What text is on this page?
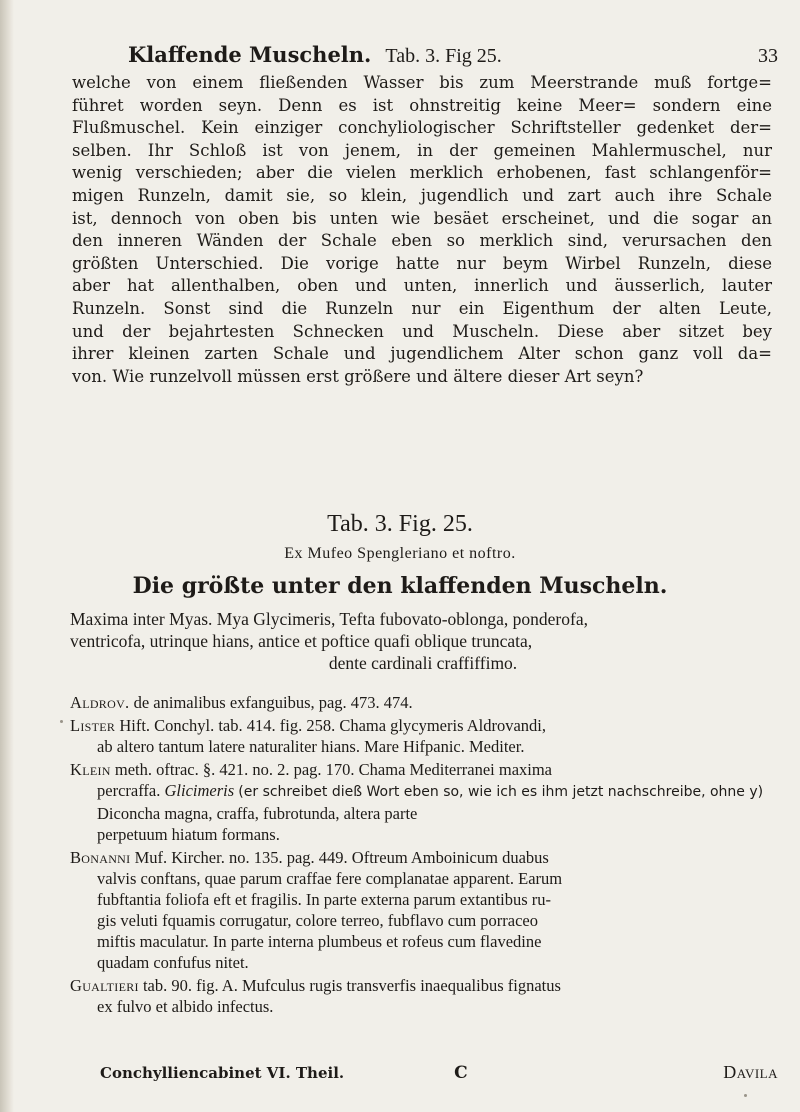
Klaffende Muscheln. Tab. 3. Fig 25.	33
welche von einem fließenden Wasser bis zum Meerstrande muß fortge=
führet worden seyn. Denn es ist ohnstreitig keine Meer= sondern eine
Flußmuschel. Kein einziger conchyliologischer Schriftsteller gedenket der=
selben. Ihr Schloß ist von jenem, in der gemeinen Mahlermuschel, nur
wenig verschieden; aber die vielen merklich erhobenen, fast schlangenför=
migen Runzeln, damit sie, so klein, jugendlich und zart auch ihre Schale
ist, dennoch von oben bis unten wie besäet erscheinet, und die sogar an
den inneren Wänden der Schale eben so merklich sind, verursachen den
größten Unterschied. Die vorige hatte nur beym Wirbel Runzeln, diese
aber hat allenthalben, oben und unten, innerlich und äusserlich, lauter
Runzeln. Sonst sind die Runzeln nur ein Eigenthum der alten Leute,
und der bejahrtesten Schnecken und Muscheln. Diese aber sitzet bey
ihrer kleinen zarten Schale und jugendlichem Alter schon ganz voll da=
von. Wie runzelvoll müssen erst größere und ältere dieser Art seyn?
Tab. 3. Fig. 25.
Ex Mufeo Spengleriano et noftro.
Die größte unter den klaffenden Muscheln.
Maxima inter Myas. Mya Glycimeris, Tefta fubovato-oblonga, ponderofa,
ventricofa, utrinque hians, antice et poftice quafi oblique truncata,
dente cardinali craffiffimo.
Aldrov. de animalibus exfanguibus, pag. 473. 474.
Lister Hift. Conchyl. tab. 414. fig. 258. Chama glycymeris Aldrovandi,
ab altero tantum latere naturaliter hians. Mare Hifpanic. Mediter.
Klein meth. oftrac. §. 421. no. 2. pag. 170. Chama Mediterranei maxima
percraffa. Glicimeris (er schreibet dieß Wort eben so, wie ich es ihm jetzt nachschreibe, ohne y)
Diconcha magna, craffa, fubrotunda, altera parte
perpetuum hiatum formans.
Bonanni Muf. Kircher. no. 135. pag. 449. Oftreum Amboinicum duabus
valvis conftans, quae parum craffae fere complanatae apparent. Earum
fubftantia foliofa eft et fragilis. In parte externa parum extantibus ru-
gis veluti fquamis corrugatur, colore terreo, fubflavo cum porraceo
miftis maculatur. In parte interna plumbeus et rofeus cum flavedine
quadam confufus nitet.
Gualtieri tab. 90. fig. A. Mufculus rugis transverfis inaequalibus fignatus
ex fulvo et albido infectus.
Conchylliencabinet VI. Theil.	C	Davila
